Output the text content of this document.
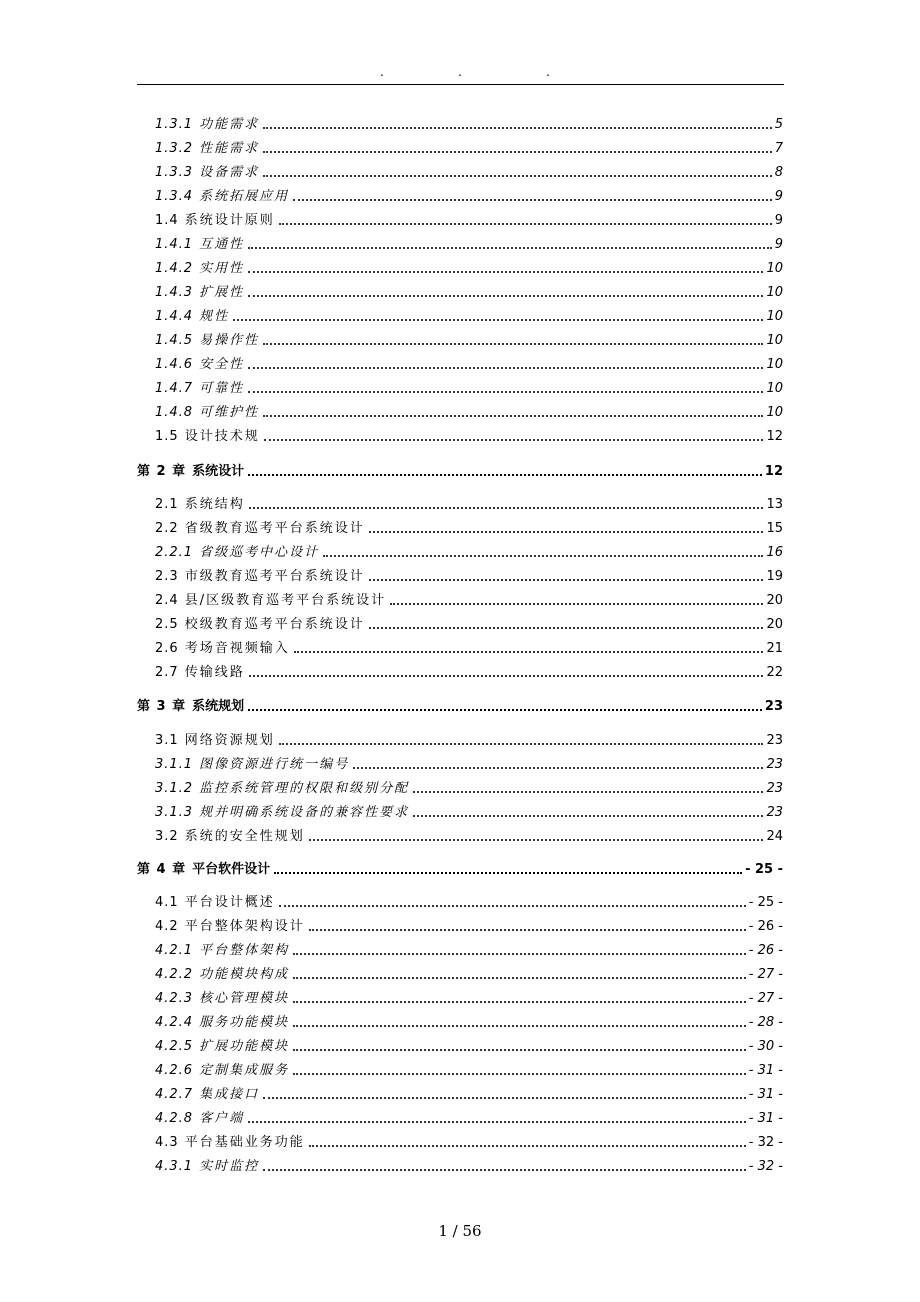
.	.	.
1.3.1 功能需求	5
1.3.2 性能需求	7
1.3.3 设备需求	8
1.3.4 系统拓展应用	9
1.4 系统设计原则	9
1.4.1 互通性	9
1.4.2 实用性	10
1.4.3 扩展性	10
1.4.4 规性	10
1.4.5 易操作性	10
1.4.6 安全性	10
1.4.7 可靠性	10
1.4.8 可维护性	10
1.5 设计技术规	12
第 2 章 系统设计	12
2.1 系统结构	13
2.2 省级教育巡考平台系统设计	15
2.2.1 省级巡考中心设计	16
2.3 市级教育巡考平台系统设计	19
2.4 县/区级教育巡考平台系统设计	20
2.5 校级教育巡考平台系统设计	20
2.6 考场音视频输入	21
2.7 传输线路	22
第 3 章 系统规划	23
3.1 网络资源规划	23
3.1.1 图像资源进行统一编号	23
3.1.2 监控系统管理的权限和级别分配	23
3.1.3 规并明确系统设备的兼容性要求	23
3.2 系统的安全性规划	24
第 4 章 平台软件设计	- 25 -
4.1 平台设计概述	- 25 -
4.2 平台整体架构设计	- 26 -
4.2.1 平台整体架构	- 26 -
4.2.2 功能模块构成	- 27 -
4.2.3 核心管理模块	- 27 -
4.2.4 服务功能模块	- 28 -
4.2.5 扩展功能模块	- 30 -
4.2.6 定制集成服务	- 31 -
4.2.7 集成接口	- 31 -
4.2.8 客户端	- 31 -
4.3 平台基础业务功能	- 32 -
4.3.1 实时监控	- 32 -
1 / 56
